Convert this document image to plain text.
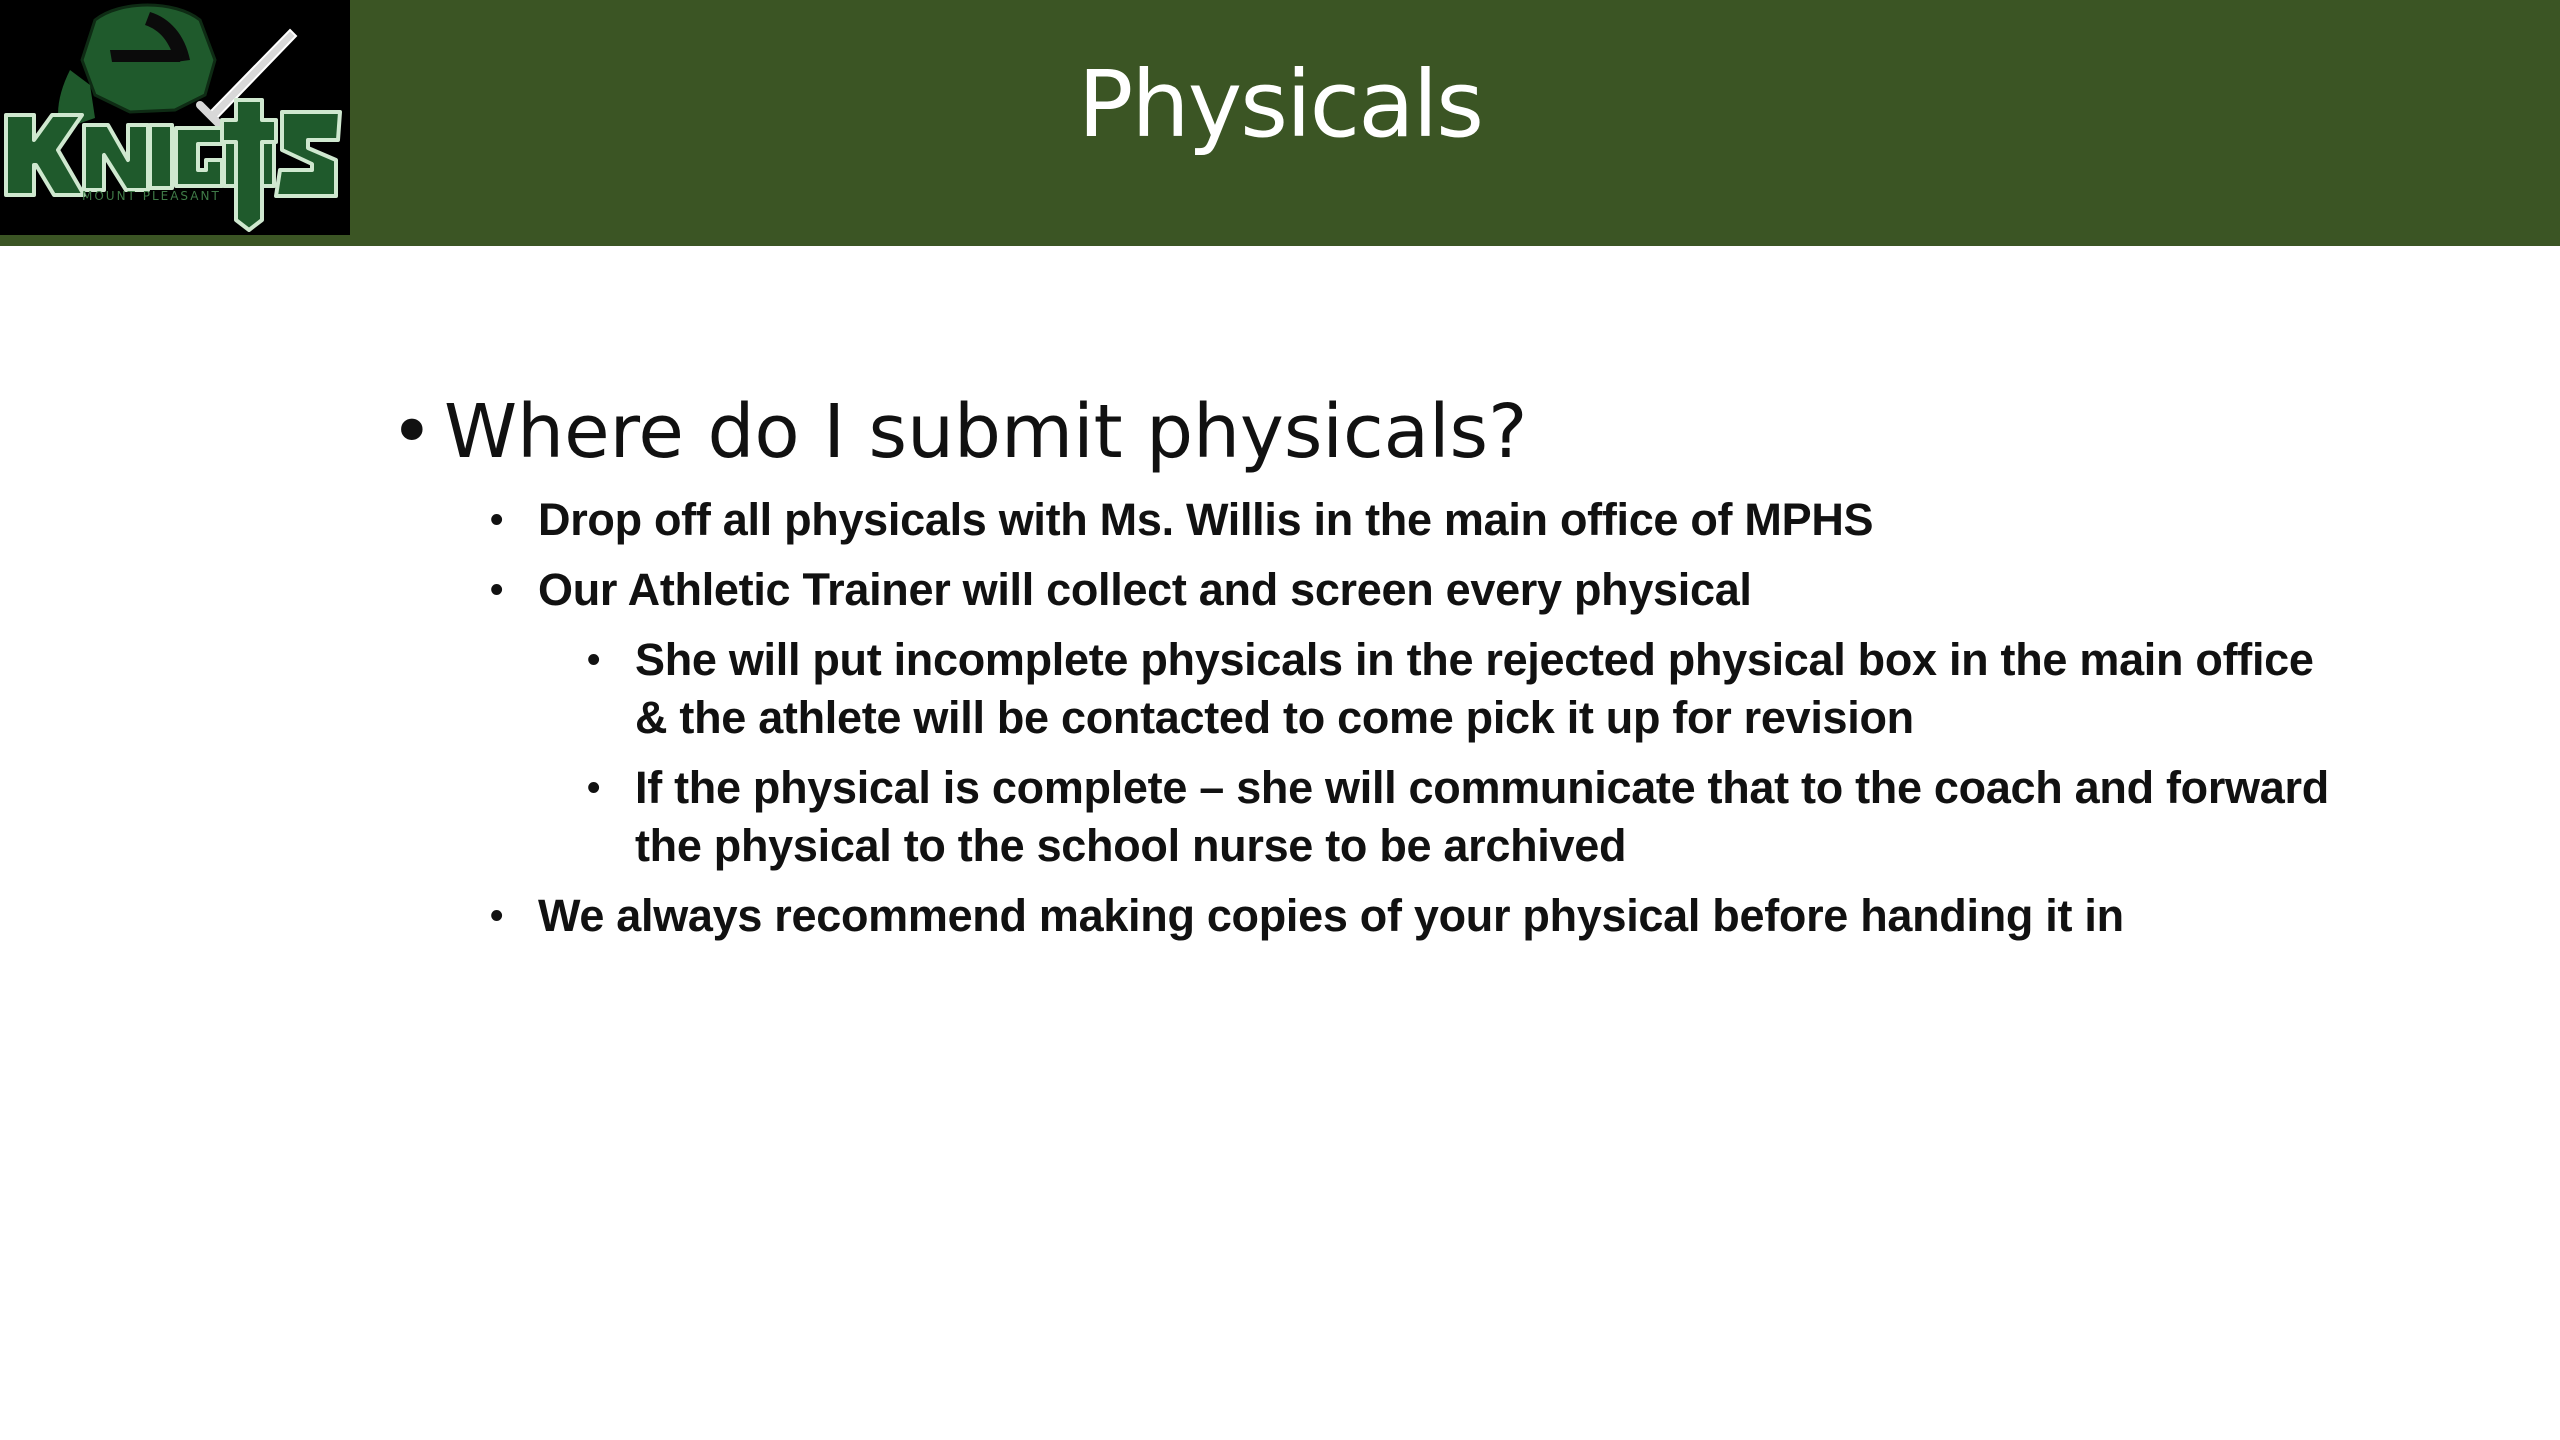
Physicals
MOUNT PLEASANT
• Where do I submit physicals?
• Drop off all physicals with Ms. Willis in the main office of MPHS
• Our Athletic Trainer will collect and screen every physical
• She will put incomplete physicals in the rejected physical box in the main office & the athlete will be contacted to come pick it up for revision
• If the physical is complete – she will communicate that to the coach and forward the physical to the school nurse to be archived
• We always recommend making copies of your physical before handing it in
